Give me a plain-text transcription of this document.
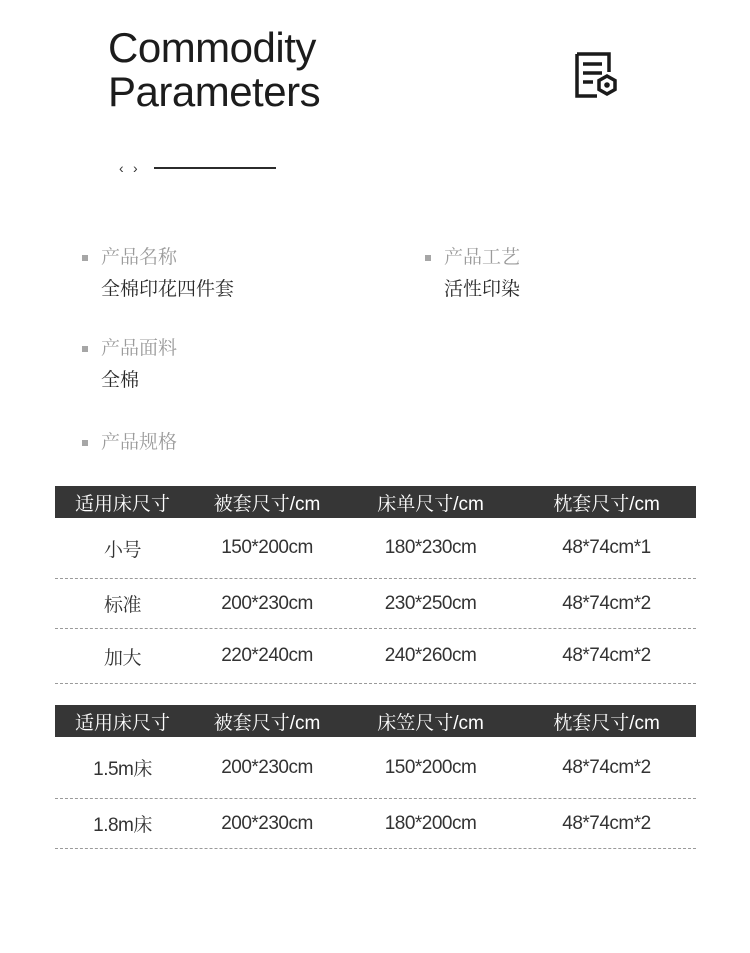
Commodity
Parameters
‹ ›
产品名称
全棉印花四件套
产品工艺
活性印染
产品面料
全棉
产品规格
适用床尺寸	被套尺寸/cm	床单尺寸/cm	枕套尺寸/cm
小号	150*200cm	180*230cm	48*74cm*1
标准	200*230cm	230*250cm	48*74cm*2
加大	220*240cm	240*260cm	48*74cm*2
适用床尺寸	被套尺寸/cm	床笠尺寸/cm	枕套尺寸/cm
1.5m床	200*230cm	150*200cm	48*74cm*2
1.8m床	200*230cm	180*200cm	48*74cm*2
